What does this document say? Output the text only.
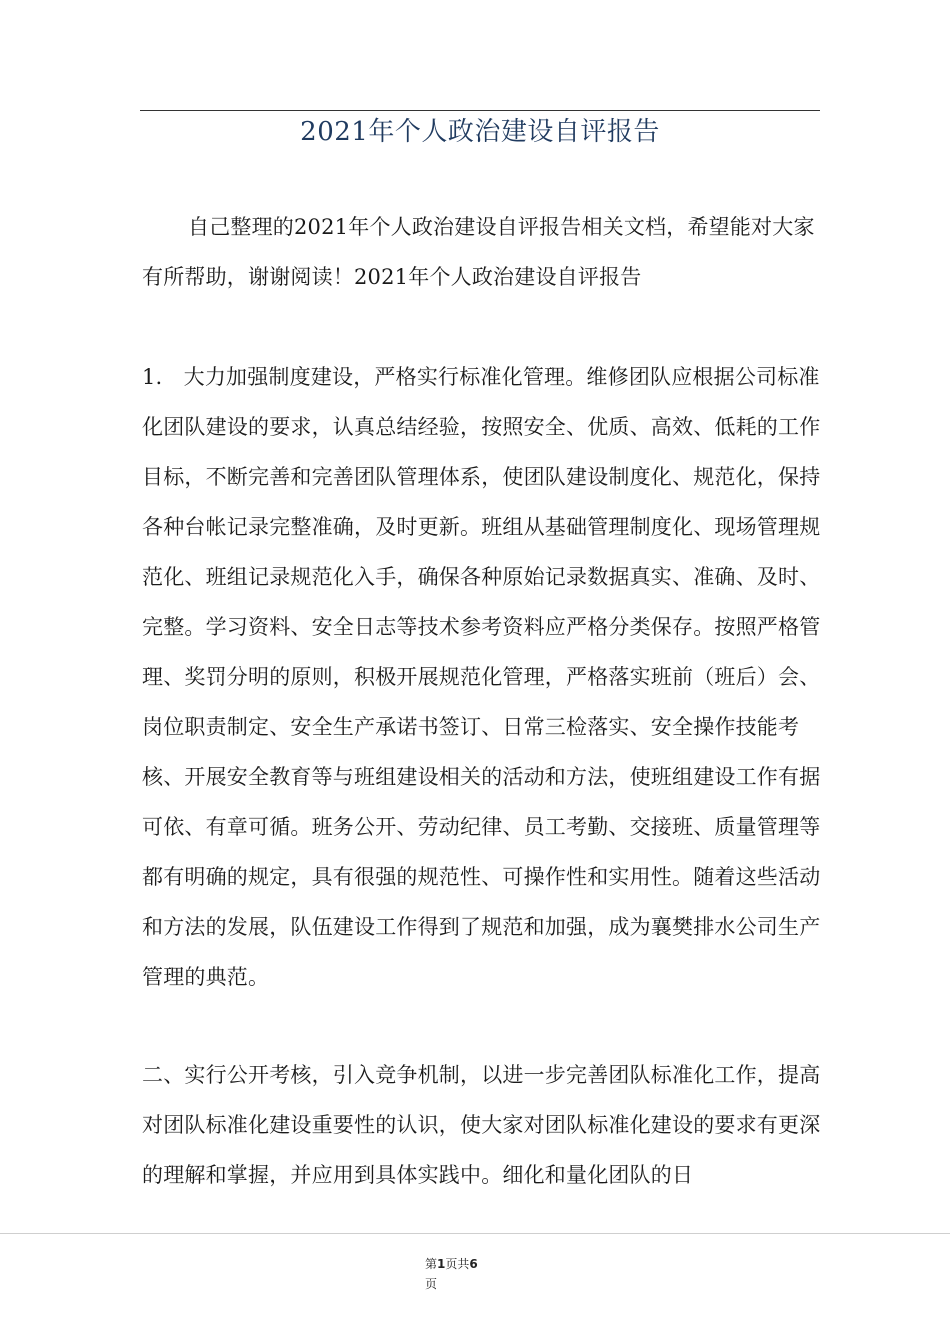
2021年个人政治建设自评报告
自己整理的2021年个人政治建设自评报告相关文档，希望能对大家有所帮助，谢谢阅读！2021年个人政治建设自评报告
1.　大力加强制度建设，严格实行标准化管理。维修团队应根据公司标准化团队建设的要求，认真总结经验，按照安全、优质、高效、低耗的工作目标，不断完善和完善团队管理体系，使团队建设制度化、规范化，保持各种台帐记录完整准确，及时更新。班组从基础管理制度化、现场管理规范化、班组记录规范化入手，确保各种原始记录数据真实、准确、及时、完整。学习资料、安全日志等技术参考资料应严格分类保存。按照严格管理、奖罚分明的原则，积极开展规范化管理，严格落实班前（班后）会、岗位职责制定、安全生产承诺书签订、日常三检落实、安全操作技能考核、开展安全教育等与班组建设相关的活动和方法，使班组建设工作有据可依、有章可循。班务公开、劳动纪律、员工考勤、交接班、质量管理等都有明确的规定，具有很强的规范性、可操作性和实用性。随着这些活动和方法的发展，队伍建设工作得到了规范和加强，成为襄樊排水公司生产管理的典范。
二、实行公开考核，引入竞争机制，以进一步完善团队标准化工作，提高对团队标准化建设重要性的认识，使大家对团队标准化建设的要求有更深的理解和掌握，并应用到具体实践中。细化和量化团队的日
第1页共6
页
